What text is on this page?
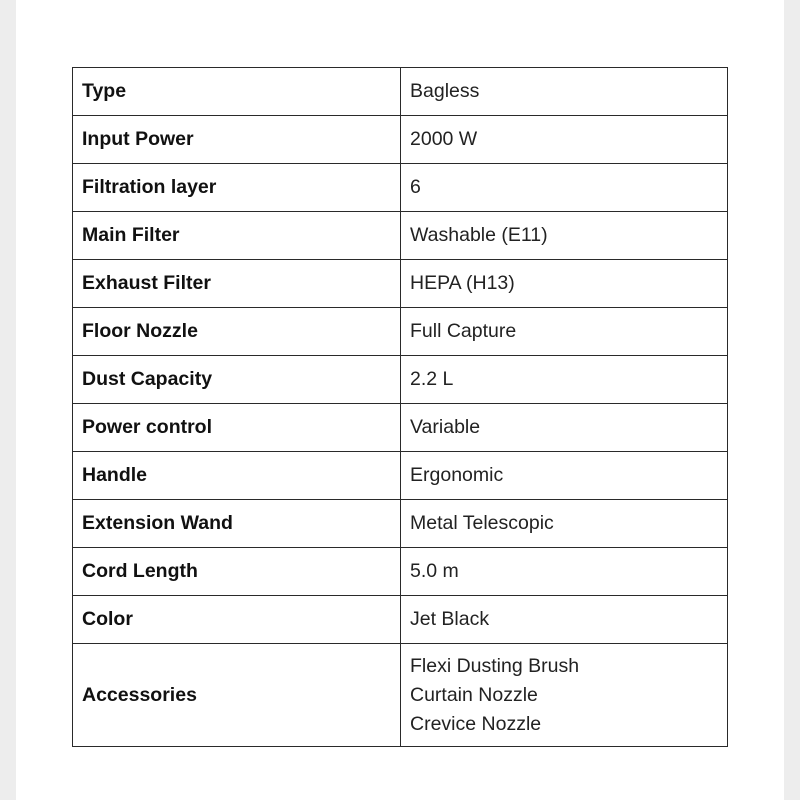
Type	Bagless

Input Power	2000 W

Filtration layer	6

Main Filter	Washable (E11)

Exhaust Filter	HEPA (H13)

Floor Nozzle	Full Capture

Dust Capacity	2.2 L

Power control	Variable

Handle	Ergonomic

Extension Wand	Metal Telescopic

Cord Length	5.0 m

Color	Jet Black

Accessories	Flexi Dusting Brush
Curtain Nozzle
Crevice Nozzle
